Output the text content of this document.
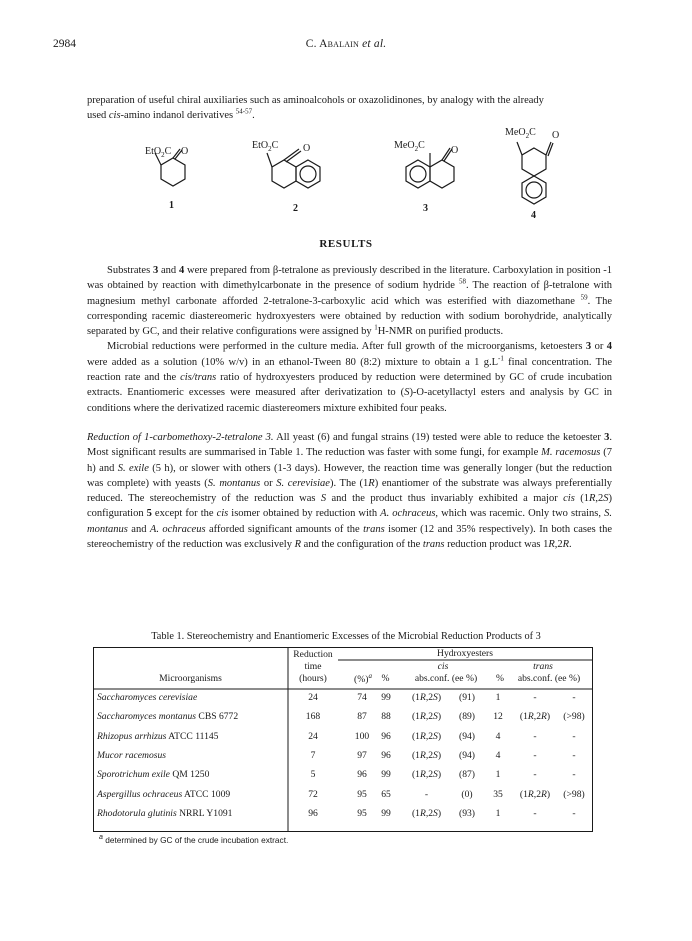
2984	C. Abalain et al.

preparation of useful chiral auxiliaries such as aminoalcohols or oxazolidinones, by analogy with the already

used cis-amino indanol derivatives $^{54-57}$.

EtO$_2$C O
1
EtO$_2$C O
2
MeO$_2$C	O
3
MeO$_2$C O
4
RESULTS

Substrates 3 and 4 were prepared from β-tetralone as previously described in the literature. Carboxylation in position -1 was obtained by reaction with dimethylcarbonate in the presence of sodium hydride $^{58}$. The reaction of β-tetralone with magnesium methyl carbonate afforded 2-tetralone-3-carboxylic acid which was esterified with diazomethane $^{59}$. The corresponding racemic diastereomeric hydroxyesters were obtained by reduction with sodium borohydride, analytically separated by GC, and their relative configurations were assigned by $^1$H-NMR on purified products.

Microbial reductions were performed in the culture media. After full growth of the microorganisms, ketoesters 3 or 4 were added as a solution (10% w/v) in an ethanol-Tween 80 (8:2) mixture to obtain a 1 $g.L^{-1}$ final concentration. The reaction rate and the cis/trans ratio of hydroxyesters produced by reduction were determined by GC of crude incubation extracts. Enantiomeric excesses were measured after derivatization to (S)-O-acetyllactyl esters and analysis by GC in conditions where the derivatized racemic diastereomers mixture exhibited four peaks.

Reduction of 1-carbomethoxy-2-tetralone 3. All yeast (6) and fungal strains (19) tested were able to reduce the ketoester 3. Most significant results are summarised in Table 1. The reduction was faster with some fungi, for example M. racemosus (7 h) and S. exile (5 h), or slower with others (1-3 days). However, the reaction time was generally longer (but the reduction was complete) with yeasts (S. montanus or S. cerevisiae). The (1R) enantiomer of the substrate was always preferentially reduced. The stereochemistry of the reduction was S and the product thus invariably exhibited a major cis (1R,2S) configuration 5 except for the cis isomer obtained by reduction with A. ochraceus, which was racemic. Only two strains, S. montanus and A. ochraceus afforded significant amounts of the trans isomer (12 and 35% respectively). In both cases the stereochemistry of the reduction was exclusively R and the configuration of the trans reduction product was 1R,2R.

Table 1. Stereochemistry and Enantiomeric Excesses of the Microbial Reduction Products of 3
Reduction
time
(hours)
Microorganisms
Hydroxyesters
(%)$^a$
cis	trans
%	abs.conf. (ee %)	%	abs.conf. (ee %)
Saccharomyces cerevisiae	24	74	99	(1R,2S)	(91)	1	-	-
Saccharomyces montanus CBS 6772	168	87	88	(1R,2S)	(89)	12	(1R,2R)	(>98)
Rhizopus arrhizus ATCC 11145	24	100	96	(1R,2S)	(94)	4	-	-
Mucor racemosus	7	97	96	(1R,2S)	(94)	4	-	-
Sporotrichum exile QM 1250	5	96	99	(1R,2S)	(87)	1	-	-
Aspergillus ochraceus ATCC 1009	72	95	65	-	(0)	35	(1R,2R)	(>98)
Rhodotorula glutinis NRRL Y1091	96	95	99	(1R,2S)	(93)	1	-	-
$^a$ determined by GC of the crude incubation extract.
